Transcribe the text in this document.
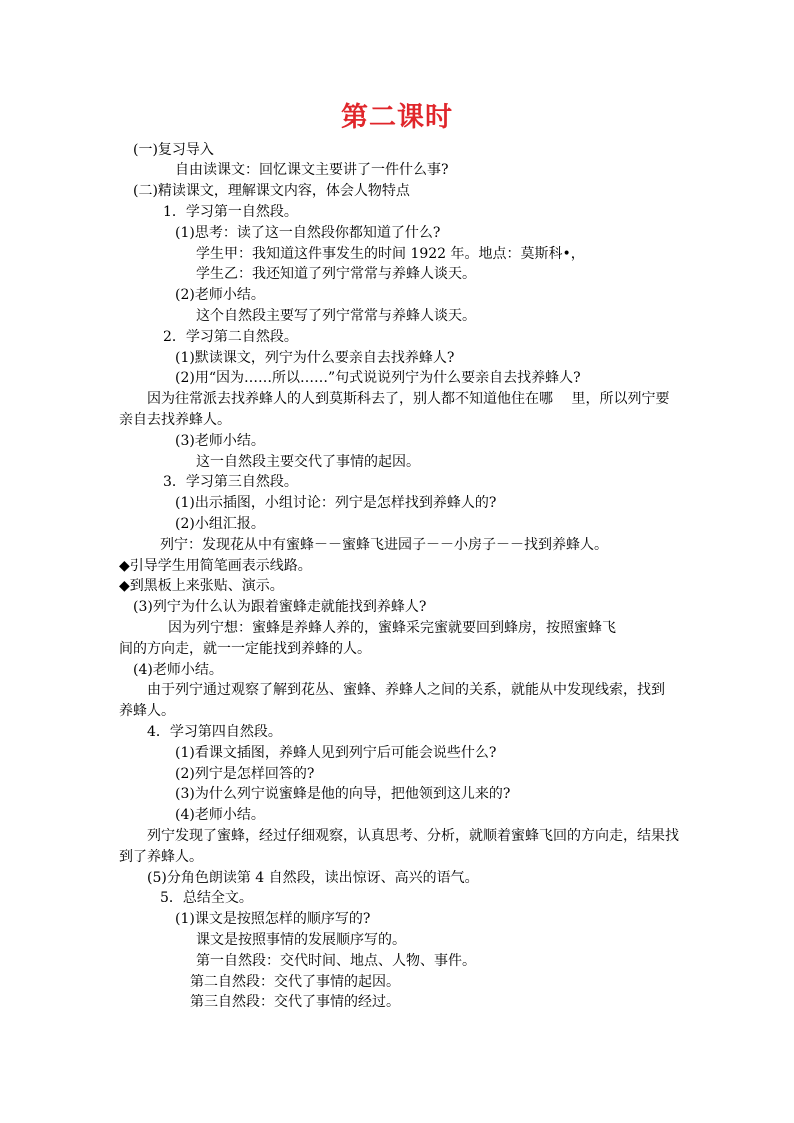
第二课时
(一)复习导入
自由读课文：回忆课文主要讲了一件什么事?
(二)精读课文，理解课文内容，体会人物特点
1．学习第一自然段。
(1)思考：读了这一自然段你都知道了什么?
学生甲：我知道这件事发生的时间 1922 年。地点：莫斯科•，
学生乙：我还知道了列宁常常与养蜂人谈天。
(2)老师小结。
这个自然段主要写了列宁常常与养蜂人谈天。
2．学习第二自然段。
(1)默读课文，列宁为什么要亲自去找养蜂人?
(2)用“因为……所以……”句式说说列宁为什么要亲自去找养蜂人?
因为往常派去找养蜂人的人到莫斯科去了，别人都不知道他住在哪　 里，所以列宁要
亲自去找养蜂人。
(3)老师小结。
这一自然段主要交代了事情的起因。
3．学习第三自然段。
(1)出示插图，小组讨论：列宁是怎样找到养蜂人的?
(2)小组汇报。
列宁：发现花从中有蜜蜂－－蜜蜂飞进园子－－小房子－－找到养蜂人。
◆引导学生用简笔画表示线路。
◆到黑板上来张贴、演示。
(3)列宁为什么认为跟着蜜蜂走就能找到养蜂人?
因为列宁想：蜜蜂是养蜂人养的，蜜蜂采完蜜就要回到蜂房，按照蜜蜂飞
间的方向走，就一一定能找到养蜂的人。
(4)老师小结。
由于列宁通过观察了解到花丛、蜜蜂、养蜂人之间的关系，就能从中发现线索，找到
养蜂人。
4．学习第四自然段。
(1)看课文插图，养蜂人见到列宁后可能会说些什么?
(2)列宁是怎样回答的?
(3)为什么列宁说蜜蜂是他的向导，把他领到这儿来的?
(4)老师小结。
列宁发现了蜜蜂，经过仔细观察，认真思考、分析，就顺着蜜蜂飞回的方向走，结果找
到了养蜂人。
(5)分角色朗读第 4 自然段，读出惊讶、高兴的语气。
5．总结全文。
(1)课文是按照怎样的顺序写的?
课文是按照事情的发展顺序写的。
第一自然段：交代时间、地点、人物、事件。
第二自然段：交代了事情的起因。
第三自然段：交代了事情的经过。
